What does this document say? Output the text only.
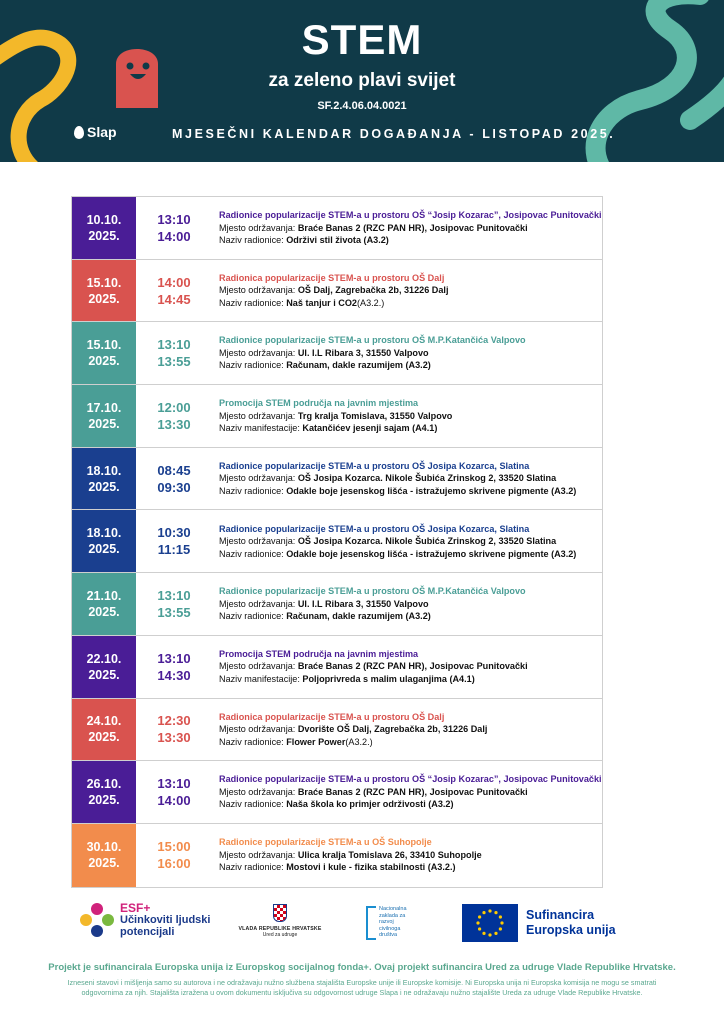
STEM
za zeleno plavi svijet
SF.2.4.06.04.0021
MJESEČNI KALENDAR DOGAĐANJA - LISTOPAD 2025.
Slap
10.10.
2025.
13:10
14:00
Radionice popularizacije STEM-a u prostoru OŠ “Josip Kozarac”, Josipovac Punitovački
Mjesto održavanja: Braće Banas 2 (RZC PAN HR), Josipovac Punitovački
Naziv radionice: Održivi stil života (A3.2)
15.10.
2025.
14:00
14:45
Radionica popularizacije STEM-a u prostoru OŠ Dalj
Mjesto održavanja: OŠ Dalj, Zagrebačka 2b, 31226 Dalj
Naziv radionice: Naš tanjur i CO2(A3.2.)
15.10.
2025.
13:10
13:55
Radionice popularizacije STEM-a u prostoru OŠ M.P.Katančića Valpovo
Mjesto održavanja: Ul. I.L Ribara 3, 31550 Valpovo
Naziv radionice: Računam, dakle razumijem (A3.2)
17.10.
2025.
12:00
13:30
Promocija STEM područja na javnim mjestima
Mjesto održavanja: Trg kralja Tomislava, 31550 Valpovo
Naziv manifestacije: Katančićev jesenji sajam (A4.1)
18.10.
2025.
08:45
09:30
Radionice popularizacije STEM-a u prostoru OŠ Josipa Kozarca, Slatina
Mjesto održavanja: OŠ Josipa Kozarca. Nikole Šubića Zrinskog 2, 33520 Slatina
Naziv radionice: Odakle boje jesenskog lišća - istražujemo skrivene pigmente (A3.2)
18.10.
2025.
10:30
11:15
Radionice popularizacije STEM-a u prostoru OŠ Josipa Kozarca, Slatina
Mjesto održavanja: OŠ Josipa Kozarca. Nikole Šubića Zrinskog 2, 33520 Slatina
Naziv radionice: Odakle boje jesenskog lišća - istražujemo skrivene pigmente (A3.2)
21.10.
2025.
13:10
13:55
Radionice popularizacije STEM-a u prostoru OŠ M.P.Katančića Valpovo
Mjesto održavanja: Ul. I.L Ribara 3, 31550 Valpovo
Naziv radionice: Računam, dakle razumijem (A3.2)
22.10.
2025.
13:10
14:30
Promocija STEM područja na javnim mjestima
Mjesto održavanja: Braće Banas 2 (RZC PAN HR), Josipovac Punitovački
Naziv manifestacije: Poljoprivreda s malim ulaganjima (A4.1)
24.10.
2025.
12:30
13:30
Radionica popularizacije STEM-a u prostoru OŠ Dalj
Mjesto održavanja: Dvorište OŠ Dalj, Zagrebačka 2b, 31226 Dalj
Naziv radionice: Flower Power(A3.2.)
26.10.
2025.
13:10
14:00
Radionice popularizacije STEM-a u prostoru OŠ “Josip Kozarac”, Josipovac Punitovački
Mjesto održavanja: Braće Banas 2 (RZC PAN HR), Josipovac Punitovački
Naziv radionice: Naša škola ko primjer održivosti (A3.2)
30.10.
2025.
15:00
16:00
Radionice popularizacije STEM-a u OŠ Suhopolje
Mjesto održavanja: Ulica kralja Tomislava 26, 33410 Suhopolje
Naziv radionice: Mostovi i kule - fizika stabilnosti (A3.2.)
ESF+
Učinkoviti ljudski
potencijali	VLADA REPUBLIKE HRVATSKE
Ured za udruge
Nacionalna
zaklada za
razvoj
civilnoga
društva
Sufinancira
Europska unija
Projekt je sufinancirala Europska unija iz Europskog socijalnog fonda+. Ovaj projekt sufinancira Ured za udruge Vlade Republike Hrvatske.
Izneseni stavovi i mišljenja samo su autorova i ne odražavaju nužno službena stajališta Europske unije ili Europske komisije. Ni Europska unija ni Europska komisija ne mogu se smatrati odgovornima za njih. Stajališta izražena u ovom dokumentu isključiva su odgovornost udruge Slapa i ne odražavaju nužno stajalište Ureda za udruge Vlade Republike Hrvatske.
